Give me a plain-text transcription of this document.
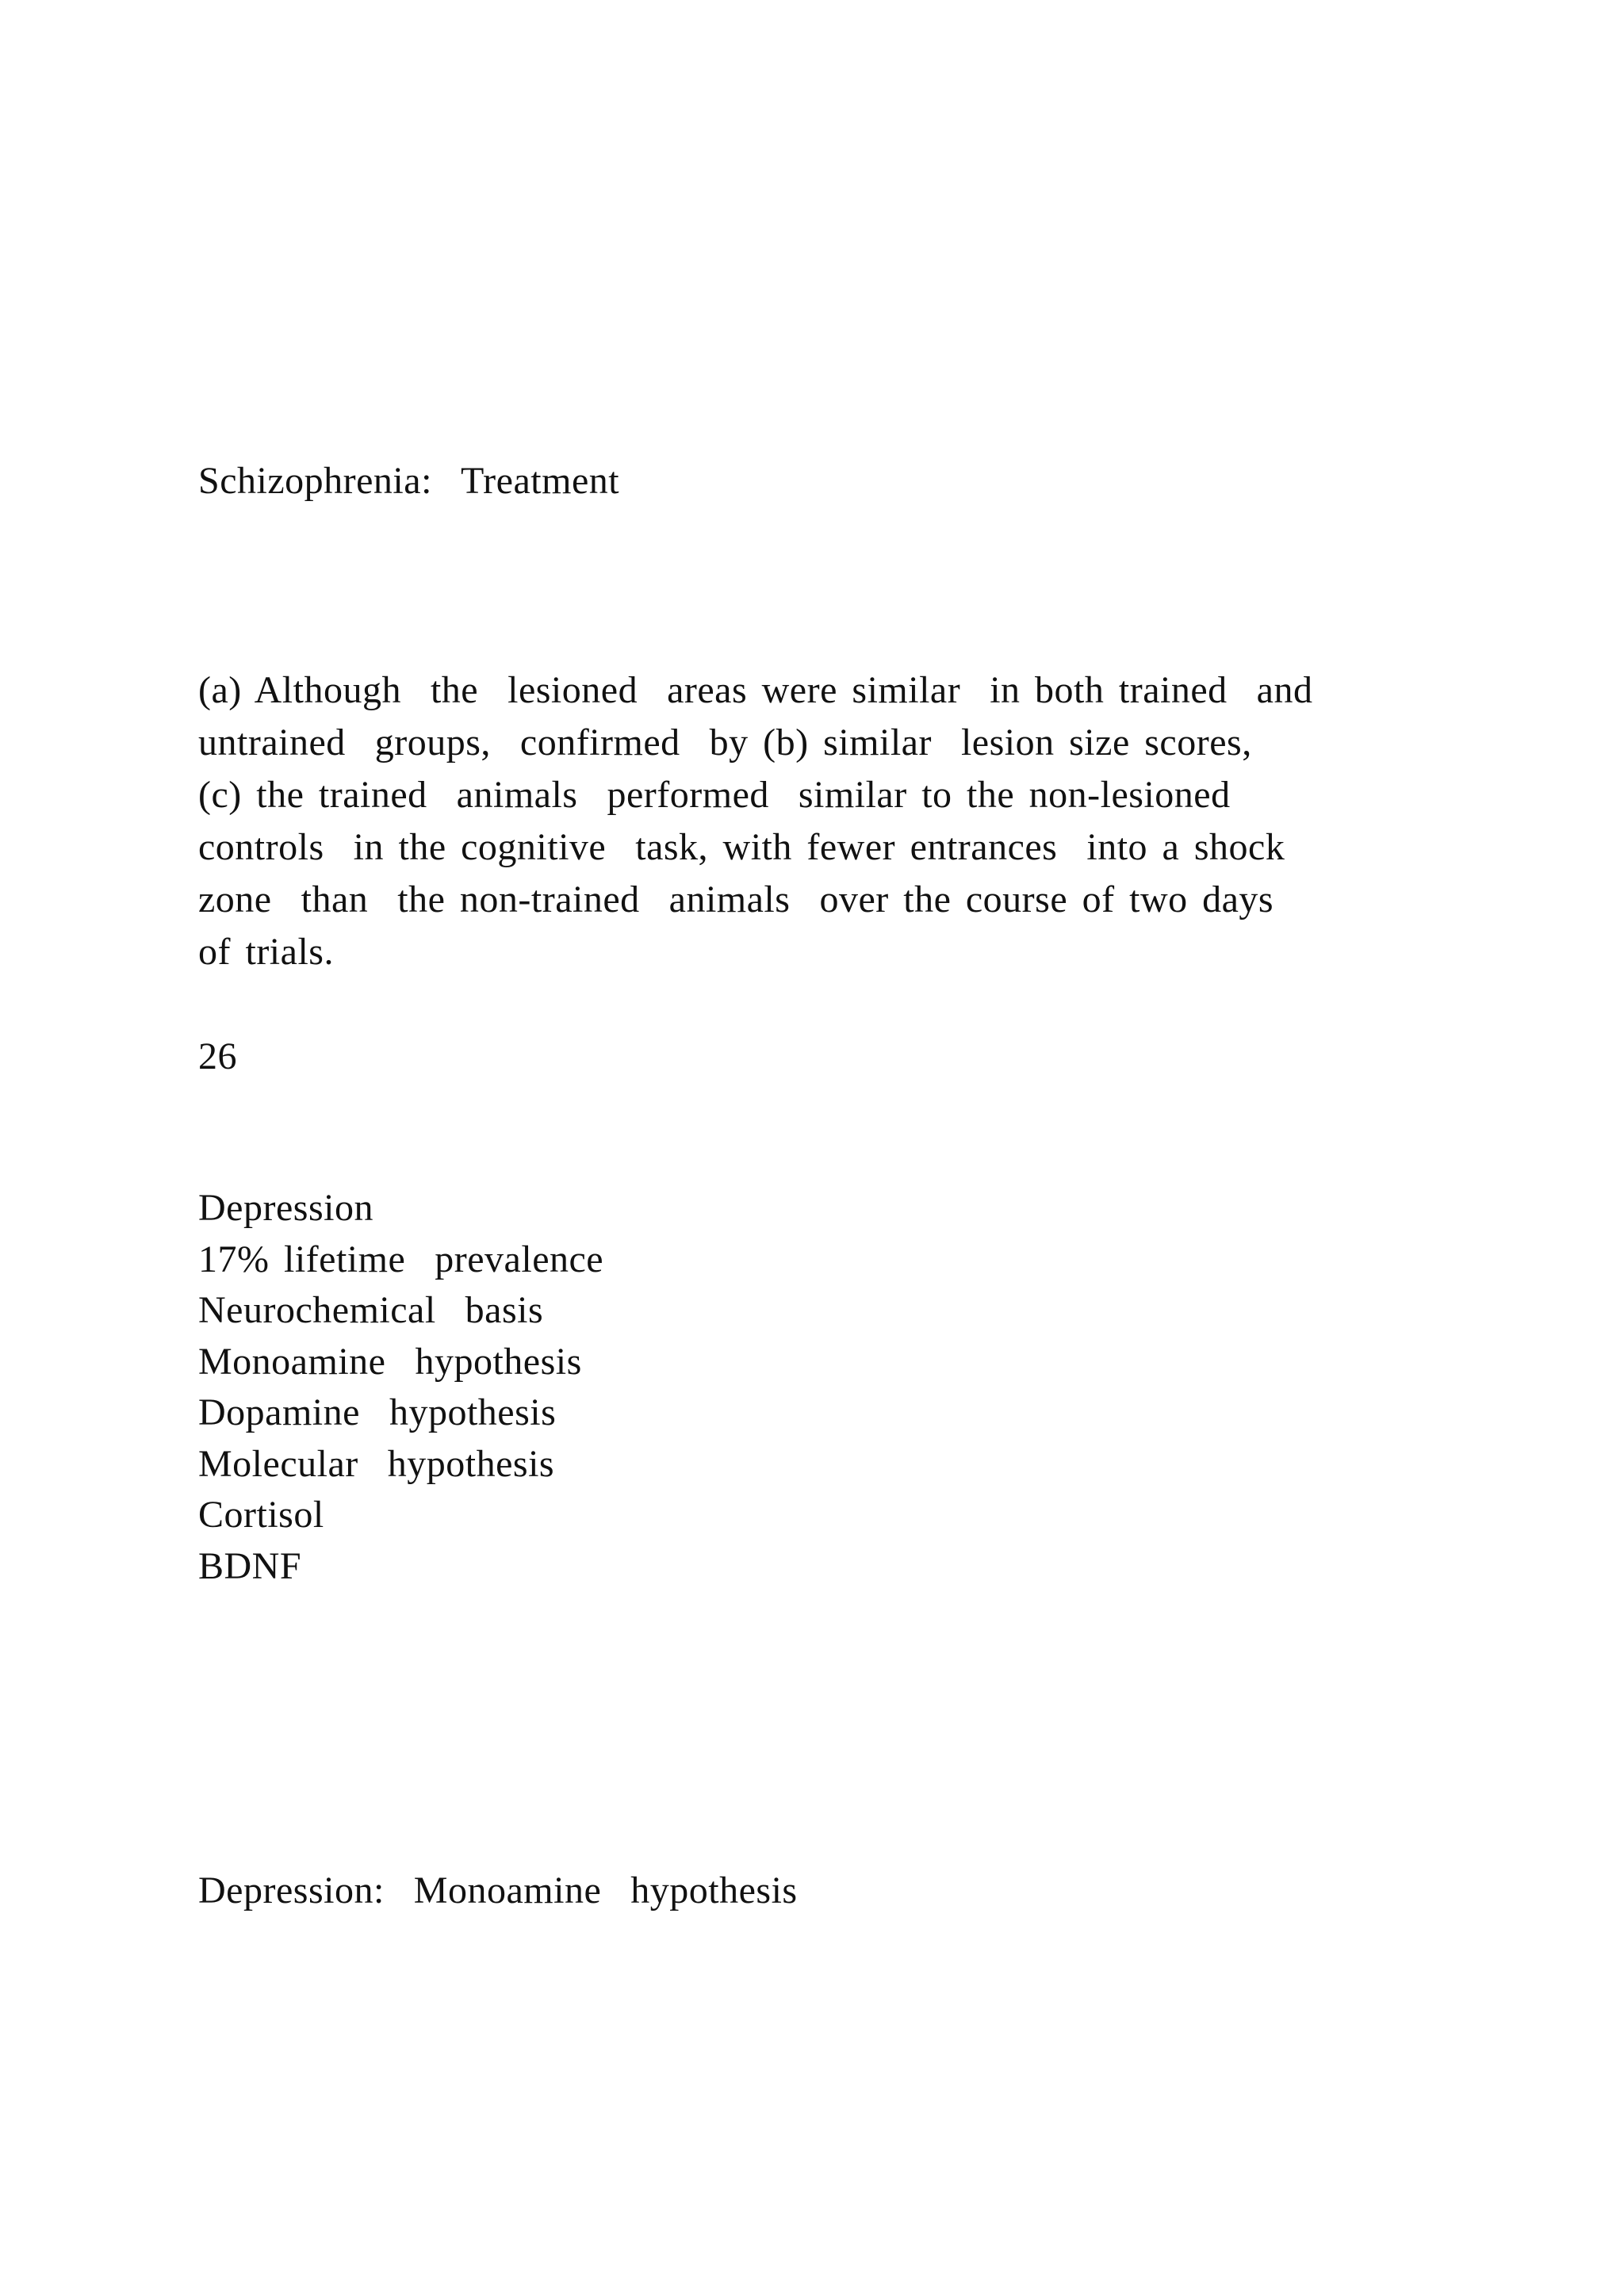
Schizophrenia:  Treatment
(a) Although  the  lesioned  areas were similar  in both trained  and
untrained  groups,  confirmed  by (b) similar  lesion size scores,
(c) the trained  animals  performed  similar to the non-lesioned
controls  in the cognitive  task, with fewer entrances  into a shock
zone  than  the non-trained  animals  over the course of two days
of trials.
26
Depression
17% lifetime  prevalence
Neurochemical  basis
Monoamine  hypothesis
Dopamine  hypothesis
Molecular  hypothesis
Cortisol
BDNF
Depression:  Monoamine  hypothesis
